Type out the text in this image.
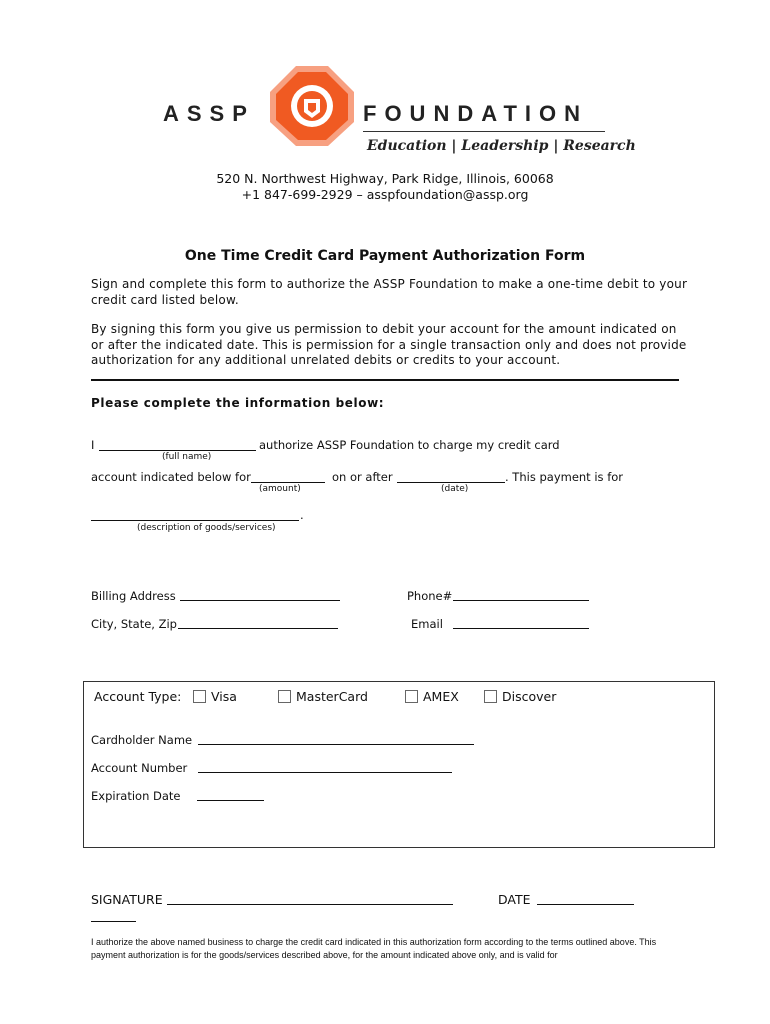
ASSP	FOUNDATION
Education | Leadership | Research
520 N. Northwest Highway, Park Ridge, Illinois, 60068
+1 847-699-2929 – asspfoundation@assp.org
One Time Credit Card Payment Authorization Form
Sign and complete this form to authorize the ASSP Foundation to make a one-time debit to your credit card listed below.
By signing this form you give us permission to debit your account for the amount indicated on or after the indicated date. This is permission for a single transaction only and does not provide authorization for any additional unrelated debits or credits to your account.
Please complete the information below:
I	authorize ASSP Foundation to charge my credit card
(full name)
account indicated below for	on or after	. This payment is for
(amount)	(date)
.
(description of goods/services)
Billing Address	Phone#
City, State, Zip	Email
Account Type: Visa	MasterCard	AMEX	Discover
Cardholder Name
Account Number
Expiration Date
SIGNATURE	DATE
I authorize the above named business to charge the credit card indicated in this authorization form according to the terms outlined above. This payment authorization is for the goods/services described above, for the amount indicated above only, and is valid for
